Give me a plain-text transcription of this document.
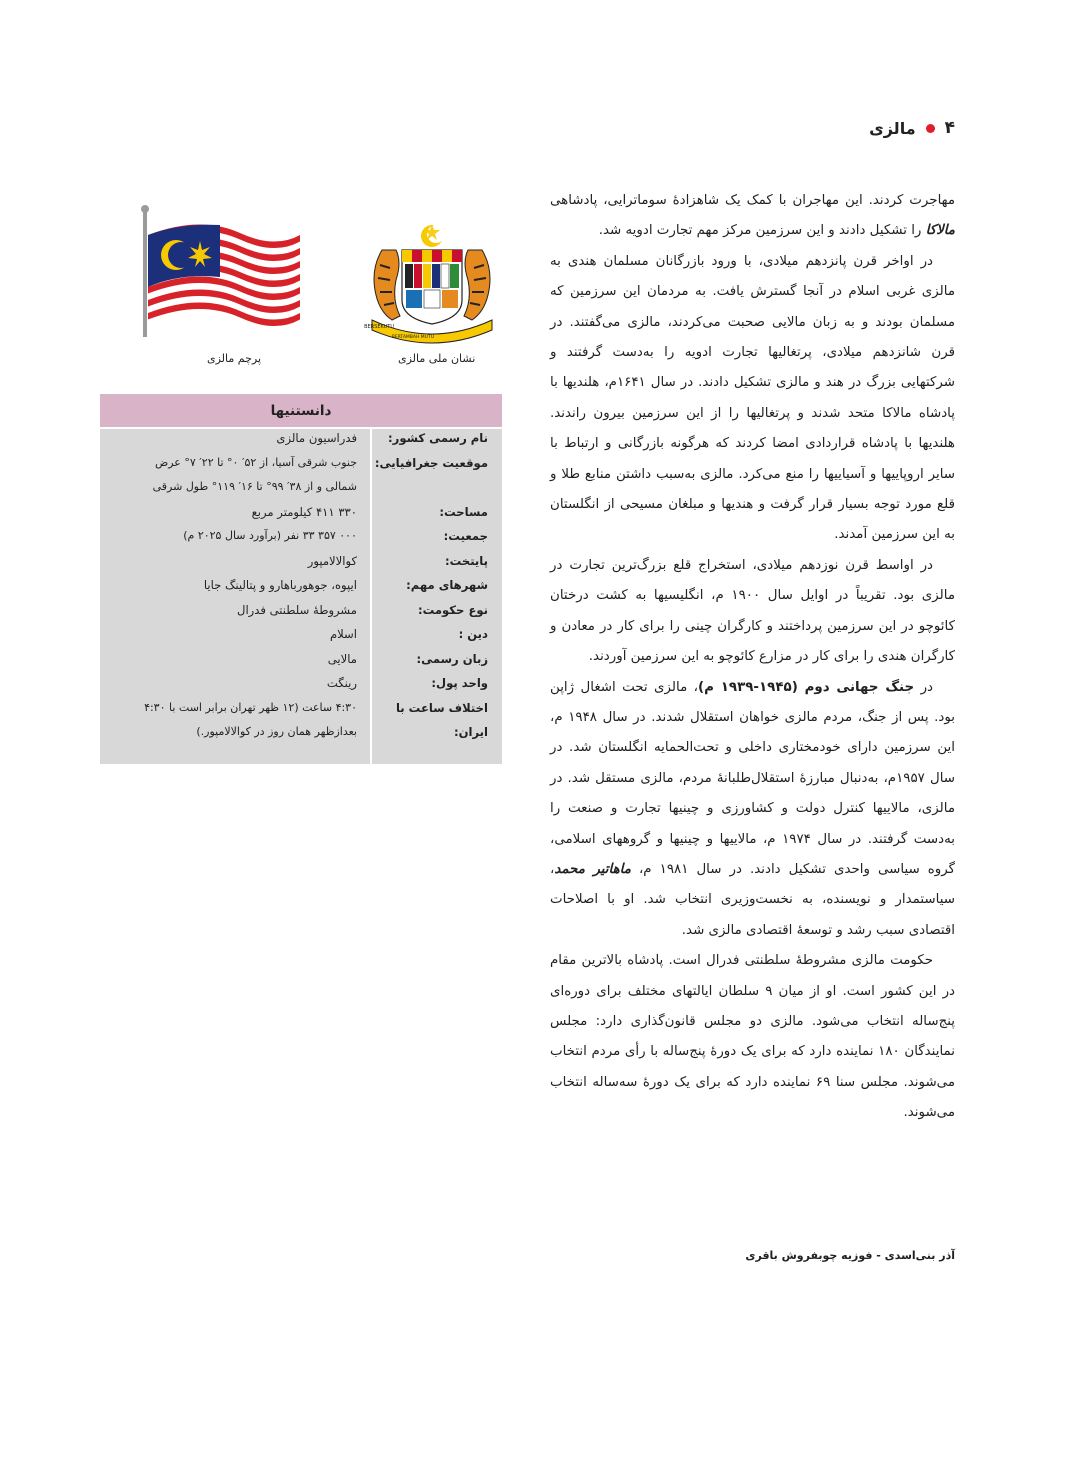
۴
مالزی

مهاجرت کردند. این مهاجران با کمک یک شاهزادهٔ سوماترایی، پادشاهی مالاکا را تشکیل دادند و این سرزمین مرکز مهم تجارت ادویه شد.

در اواخر قرن پانزدهم میلادی، با ورود بازرگانان مسلمان هندی به مالزی غربی اسلام در آنجا گسترش یافت. به مردمان این سرزمین که مسلمان بودند و به زبان مالایی صحبت می‌کردند، مالزی می‌گفتند. در قرن شانزدهم میلادی، پرتغالیها تجارت ادویه را به‌دست گرفتند و شرکتهایی بزرگ در هند و مالزی تشکیل دادند. در سال ۱۶۴۱م، هلندیها با پادشاه مالاکا متحد شدند و پرتغالیها را از این سرزمین بیرون راندند. هلندیها با پادشاه قراردادی امضا کردند که هرگونه بازرگانی و ارتباط با سایر اروپاییها و آسیاییها را منع می‌کرد. مالزی به‌سبب داشتن منابع طلا و قلع مورد توجه بسیار قرار گرفت و هندیها و مبلغان مسیحی از انگلستان به این سرزمین آمدند.

در اواسط قرن نوزدهم میلادی، استخراج قلع بزرگ‌ترین تجارت در مالزی بود. تقریباً در اوایل سال ۱۹۰۰ م، انگلیسیها به کشت درختان کائوچو در این سرزمین پرداختند و کارگران چینی را برای کار در معادن و کارگران هندی را برای کار در مزارع کائوچو به این سرزمین آوردند.

در جنگ جهانی دوم (۱۹۴۵-۱۹۳۹ م)، مالزی تحت اشغال ژاپن بود. پس از جنگ، مردم مالزی خواهان استقلال شدند. در سال ۱۹۴۸ م، این سرزمین دارای خودمختاری داخلی و تحت‌الحمایه انگلستان شد. در سال ۱۹۵۷م، به‌دنبال مبارزهٔ استقلال‌طلبانهٔ مردم، مالزی مستقل شد. در مالزی، مالاییها کنترل دولت و کشاورزی و چینیها تجارت و صنعت را به‌دست گرفتند. در سال ۱۹۷۴ م، مالاییها و چینیها و گروههای اسلامی، گروه سیاسی واحدی تشکیل دادند. در سال ۱۹۸۱ م، ماهاتیر محمد، سیاستمدار و نویسنده، به نخست‌وزیری انتخاب شد. او با اصلاحات اقتصادی سبب رشد و توسعهٔ اقتصادی مالزی شد.

حکومت مالزی مشروطهٔ سلطنتی فدرال است. پادشاه بالاترین مقام در این کشور است. او از میان ۹ سلطان ایالتهای مختلف برای دوره‌ای پنج‌ساله انتخاب می‌شود. مالزی دو مجلس قانون‌گذاری دارد: مجلس نمایندگان ۱۸۰ نماینده دارد که برای یک دورهٔ پنج‌ساله با رأی مردم انتخاب می‌شوند. مجلس سنا ۶۹ نماینده دارد که برای یک دورهٔ سه‌ساله انتخاب می‌شوند.

آذر بنی‌اسدی - فوزیه چوبفروش باقری
BERSEKUTU
BERTAMBAH MUTU
نشان ملی مالزی
پرچم مالزی
دانستنیها
نام رسمی کشور:
فدراسیون مالزی
موقعیت جغرافیایی:
جنوب شرقی آسیا، از ۵۲′ ۰° تا ۲۲′ ۷° عرض
شمالی و از ۳۸′ ۹۹° تا ۱۶′ ۱۱۹° طول شرقی
مساحت:
۳۳۰ ۴۱۱ کیلومتر مربع
جمعیت:
۰۰۰ ۳۵۷ ۳۳ نفر (برآورد سال ۲۰۲۵ م)
پایتخت:
کوالالامپور
شهرهای مهم:
ایپوه، جوهورباهارو و پتالینگ جایا
نوع حکومت:
مشروطهٔ سلطنتی فدرال
دین :
اسلام
زبان رسمی:
مالایی
واحد پول:
رینگت
اختلاف ساعت با
۴:۳۰ ساعت (۱۲ ظهر تهران برابر است با ۴:۳۰
ایران:
بعدازظهر همان روز در کوالالامپور.)
